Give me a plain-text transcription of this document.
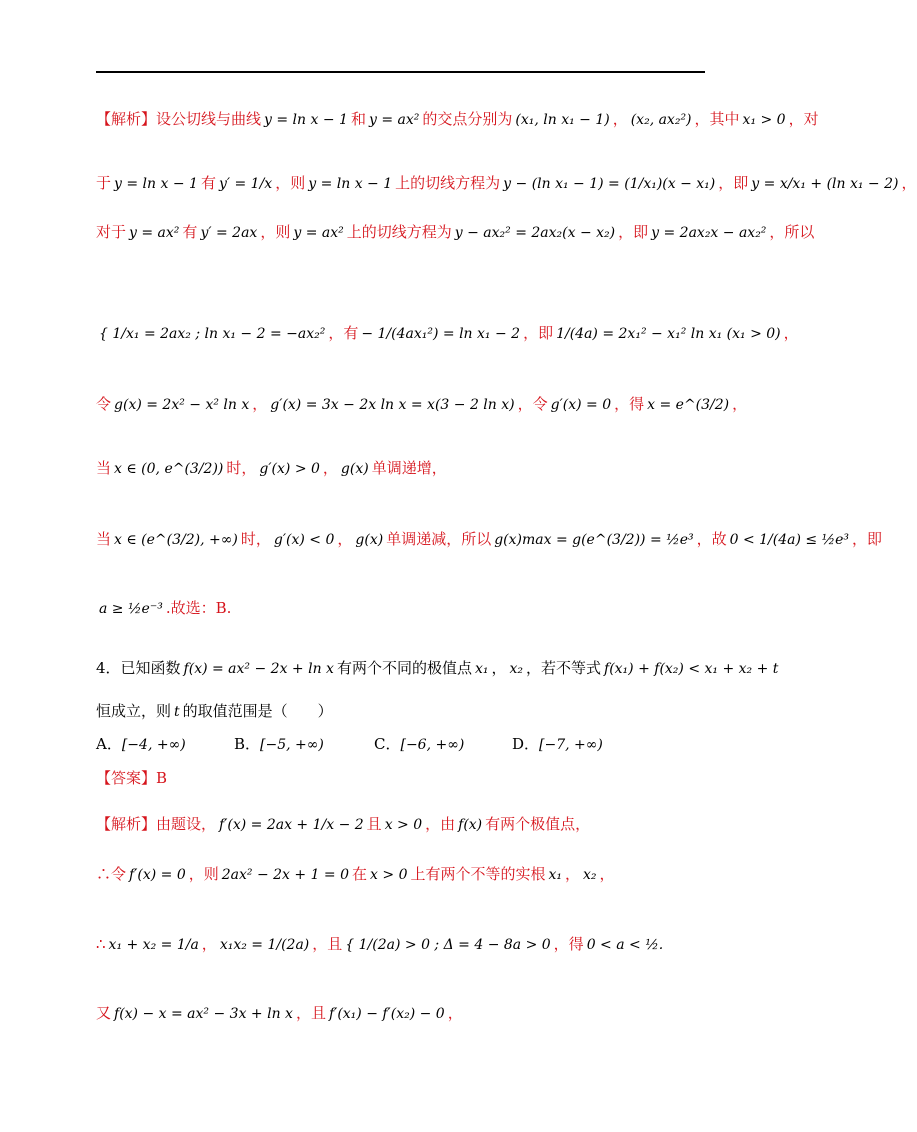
【解析】设公切线与曲线 y = ln x − 1 和 y = ax² 的交点分别为 (x₁, ln x₁ − 1) ， (x₂, ax₂²) ，其中 x₁ > 0 ，对
于 y = ln x − 1 有 y′ = 1/x ，则 y = ln x − 1 上的切线方程为 y − (ln x₁ − 1) = (1/x₁)(x − x₁) ，即 y = x/x₁ + (ln x₁ − 2) ，
对于 y = ax² 有 y′ = 2ax ，则 y = ax² 上的切线方程为 y − ax₂² = 2ax₂(x − x₂) ，即 y = 2ax₂x − ax₂² ，所以
{ 1/x₁ = 2ax₂ ; ln x₁ − 2 = −ax₂² ，有 − 1/(4ax₁²) = ln x₁ − 2 ，即 1/(4a) = 2x₁² − x₁² ln x₁ (x₁ > 0) ，
令 g(x) = 2x² − x² ln x ， g′(x) = 3x − 2x ln x = x(3 − 2 ln x) ，令 g′(x) = 0 ，得 x = e^(3/2) ，
当 x ∈ (0, e^(3/2)) 时， g′(x) > 0 ， g(x) 单调递增，
当 x ∈ (e^(3/2), +∞) 时， g′(x) < 0 ， g(x) 单调递减，所以 g(x)max = g(e^(3/2)) = ½e³ ，故 0 < 1/(4a) ≤ ½e³ ，即
a ≥ ½e⁻³ .故选：B.
4．已知函数 f(x) = ax² − 2x + ln x 有两个不同的极值点 x₁ ， x₂ ，若不等式 f(x₁) + f(x₂) < x₁ + x₂ + t
恒成立，则 t 的取值范围是（　　）
【答案】B
【解析】由题设， f′(x) = 2ax + 1/x − 2 且 x > 0 ，由 f(x) 有两个极值点，
∴令 f′(x) = 0 ，则 2ax² − 2x + 1 = 0 在 x > 0 上有两个不等的实根 x₁ ， x₂ ，
∴ x₁ + x₂ = 1/a ， x₁x₂ = 1/(2a) ，且 { 1/(2a) > 0 ; Δ = 4 − 8a > 0 ，得 0 < a < ½.
又 f(x) − x = ax² − 3x + ln x ，且 f′(x₁) − f′(x₂) − 0 ，
A．[−4, +∞)	B．[−5, +∞)	C．[−6, +∞)	D．[−7, +∞)
